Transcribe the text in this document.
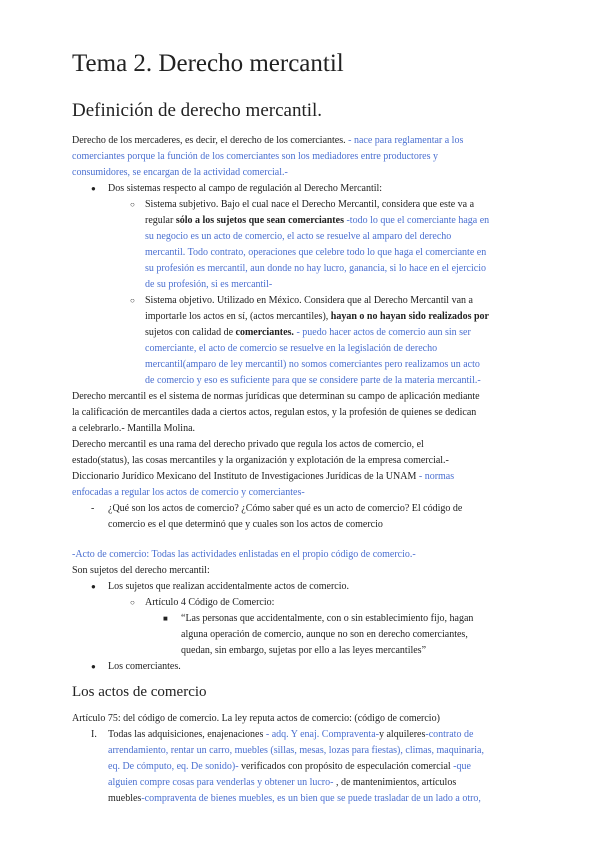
Tema 2. Derecho mercantil
Definición de derecho mercantil.
Derecho de los mercaderes, es decir, el derecho de los comerciantes. - nace para reglamentar a los
comerciantes porque la función de los comerciantes son los mediadores entre productores y
consumidores, se encargan de la actividad comercial.-
● Dos sistemas respecto al campo de regulación al Derecho Mercantil:
○ Sistema subjetivo. Bajo el cual nace el Derecho Mercantil, considera que este va a
regular sólo a los sujetos que sean comerciantes -todo lo que el comerciante haga en
su negocio es un acto de comercio, el acto se resuelve al amparo del derecho
mercantil. Todo contrato, operaciones que celebre todo lo que haga el comerciante en
su profesión es mercantil, aun donde no hay lucro, ganancia, si lo hace en el ejercicio
de su profesión, si es mercantil-
○ Sistema objetivo. Utilizado en México. Considera que al Derecho Mercantil van a
importarle los actos en sí, (actos mercantiles), hayan o no hayan sido realizados por
sujetos con calidad de comerciantes. - puedo hacer actos de comercio aun sin ser
comerciante, el acto de comercio se resuelve en la legislación de derecho
mercantil(amparo de ley mercantil) no somos comerciantes pero realizamos un acto
de comercio y eso es suficiente para que se considere parte de la materia mercantil.-
Derecho mercantil es el sistema de normas jurídicas que determinan su campo de aplicación mediante
la calificación de mercantiles dada a ciertos actos, regulan estos, y la profesión de quienes se dedican
a celebrarlo.- Mantilla Molina.
Derecho mercantil es una rama del derecho privado que regula los actos de comercio, el
estado(status), las cosas mercantiles y la organización y explotación de la empresa comercial.-
Diccionario Jurídico Mexicano del Instituto de Investigaciones Jurídicas de la UNAM - normas
enfocadas a regular los actos de comercio y comerciantes-
- ¿Qué son los actos de comercio? ¿Cómo saber qué es un acto de comercio? El código de
comercio es el que determinó que y cuales son los actos de comercio
-Acto de comercio: Todas las actividades enlistadas en el propio código de comercio.-
Son sujetos del derecho mercantil:
● Los sujetos que realizan accidentalmente actos de comercio.
○ Artículo 4 Código de Comercio:
■ “Las personas que accidentalmente, con o sin establecimiento fijo, hagan
alguna operación de comercio, aunque no son en derecho comerciantes,
quedan, sin embargo, sujetas por ello a las leyes mercantiles”
● Los comerciantes.
Los actos de comercio
Artículo 75: del código de comercio. La ley reputa actos de comercio: (código de comercio)
I. Todas las adquisiciones, enajenaciones - adq. Y enaj. Compraventa-y alquileres-contrato de
arrendamiento, rentar un carro, muebles (sillas, mesas, lozas para fiestas), climas, maquinaria,
eq. De cómputo, eq. De sonido)- verificados con propósito de especulación comercial -que
alguien compre cosas para venderlas y obtener un lucro- , de mantenimientos, artículos
muebles-compraventa de bienes muebles, es un bien que se puede trasladar de un lado a otro,
